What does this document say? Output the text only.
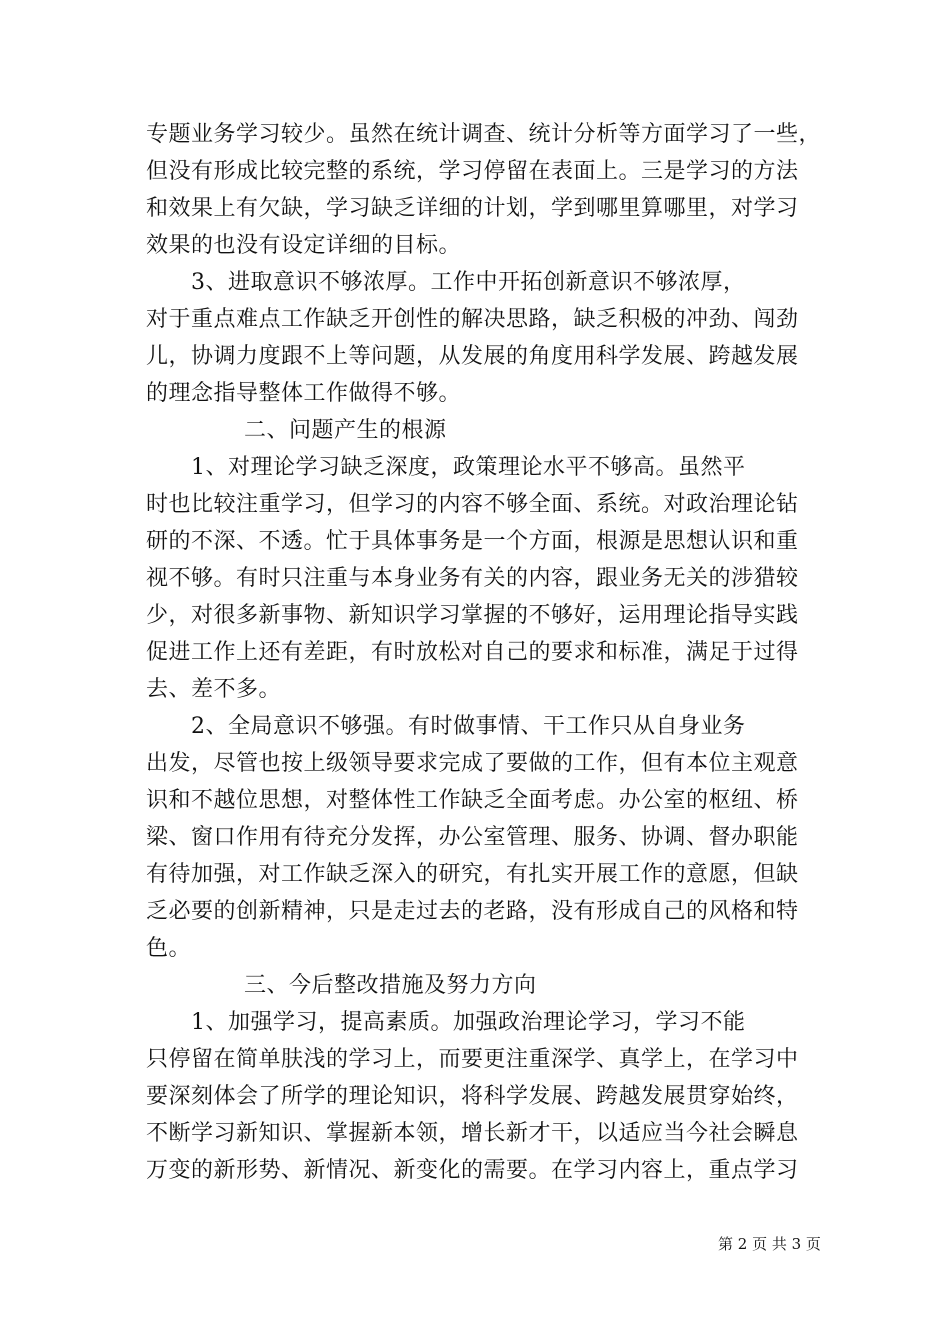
专题业务学习较少。虽然在统计调查、统计分析等方面学习了一些，
但没有形成比较完整的系统，学习停留在表面上。三是学习的方法
和效果上有欠缺，学习缺乏详细的计划，学到哪里算哪里，对学习
效果的也没有设定详细的目标。
　　3、进取意识不够浓厚。工作中开拓创新意识不够浓厚，
对于重点难点工作缺乏开创性的解决思路，缺乏积极的冲劲、闯劲
儿，协调力度跟不上等问题，从发展的角度用科学发展、跨越发展
的理念指导整体工作做得不够。
二、问题产生的根源
　　1、对理论学习缺乏深度，政策理论水平不够高。虽然平
时也比较注重学习，但学习的内容不够全面、系统。对政治理论钻
研的不深、不透。忙于具体事务是一个方面，根源是思想认识和重
视不够。有时只注重与本身业务有关的内容，跟业务无关的涉猎较
少，对很多新事物、新知识学习掌握的不够好，运用理论指导实践
促进工作上还有差距，有时放松对自己的要求和标准，满足于过得
去、差不多。
　　2、全局意识不够强。有时做事情、干工作只从自身业务
出发，尽管也按上级领导要求完成了要做的工作，但有本位主观意
识和不越位思想，对整体性工作缺乏全面考虑。办公室的枢纽、桥
梁、窗口作用有待充分发挥，办公室管理、服务、协调、督办职能
有待加强，对工作缺乏深入的研究，有扎实开展工作的意愿，但缺
乏必要的创新精神，只是走过去的老路，没有形成自己的风格和特
色。
三、今后整改措施及努力方向
　　1、加强学习，提高素质。加强政治理论学习，学习不能
只停留在简单肤浅的学习上，而要更注重深学、真学上，在学习中
要深刻体会了所学的理论知识，将科学发展、跨越发展贯穿始终，
不断学习新知识、掌握新本领，增长新才干，以适应当今社会瞬息
万变的新形势、新情况、新变化的需要。在学习内容上，重点学习
第 2 页 共 3 页
